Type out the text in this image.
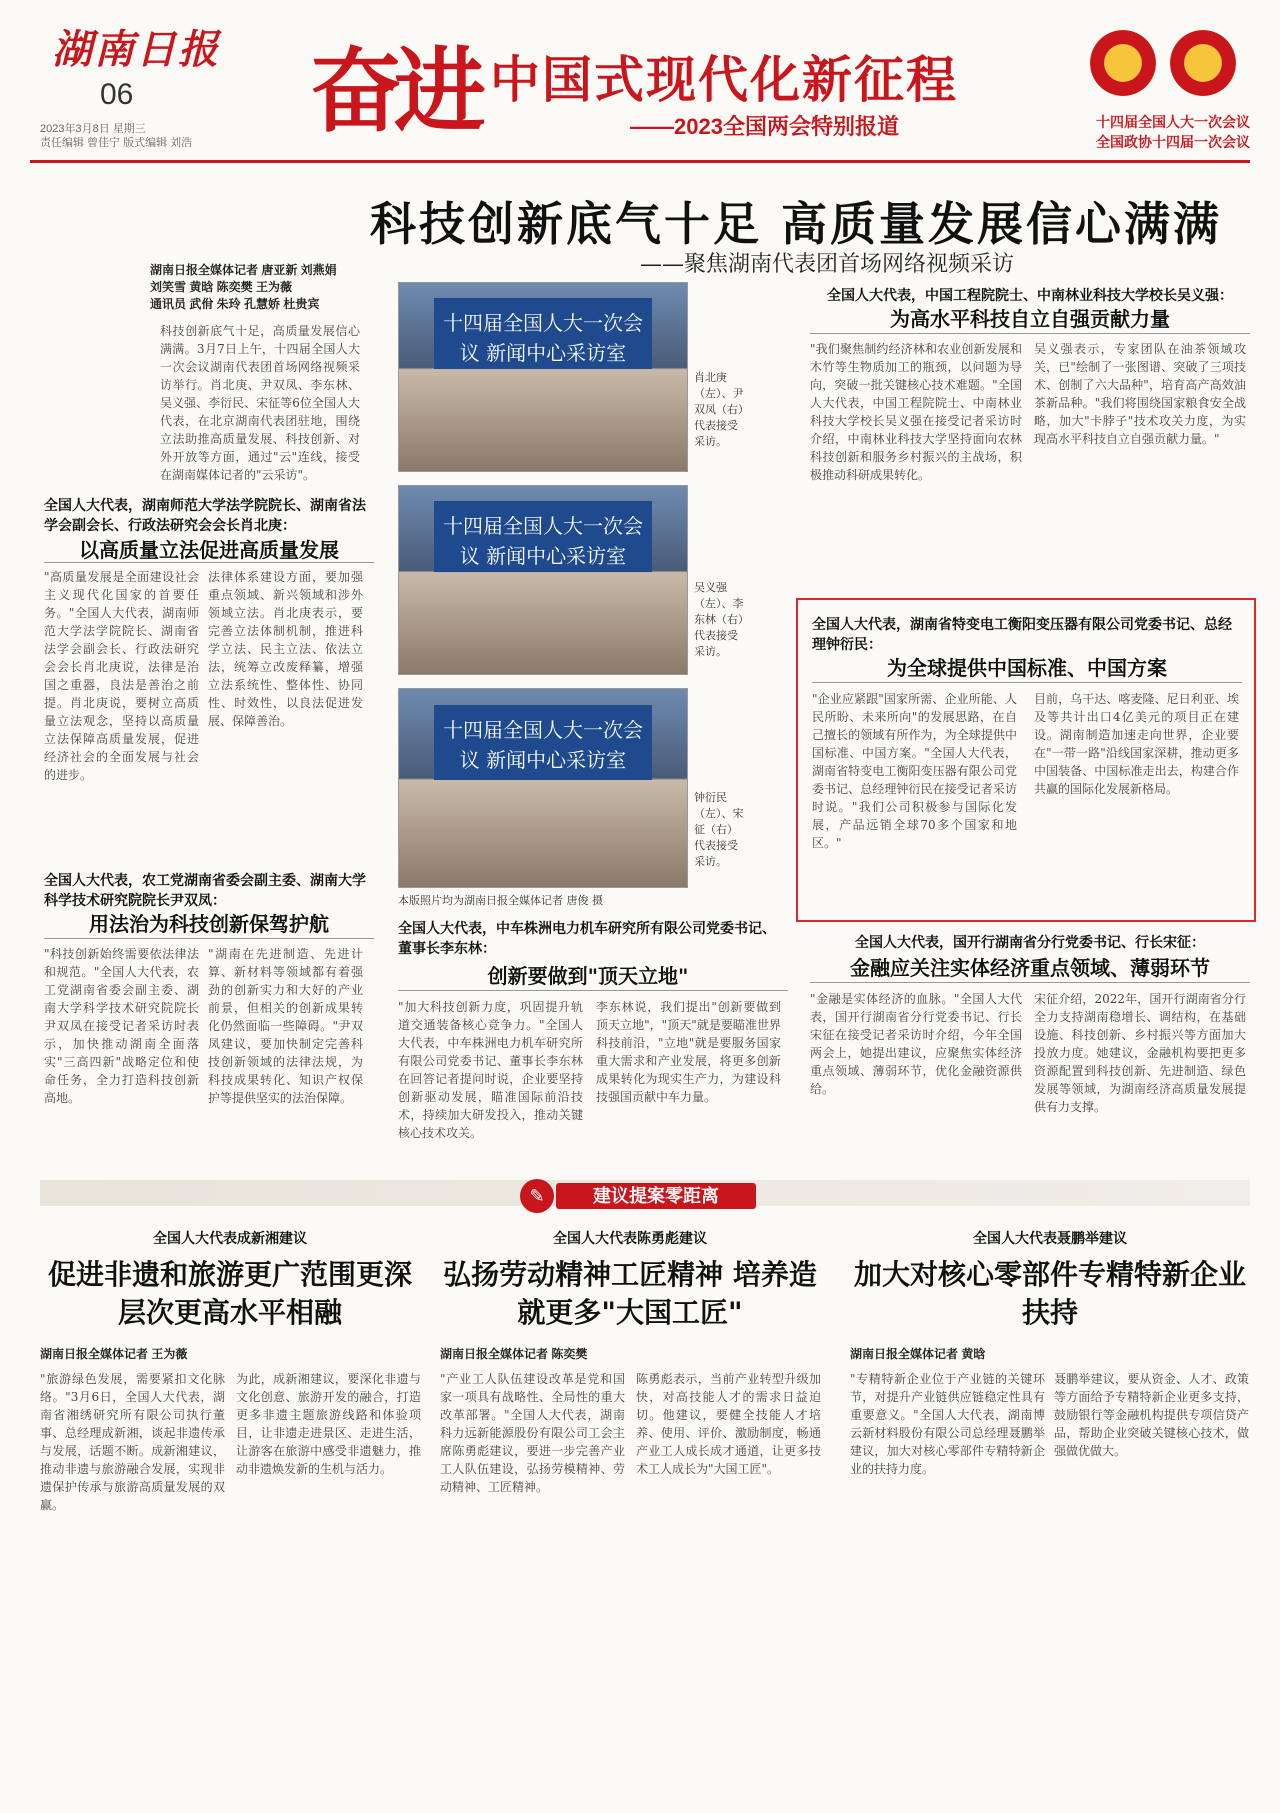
湖南日报
06
2023年3月8日 星期三
责任编辑 曾佳宁 版式编辑 刘浩 奋进 中国式现代化新征程
——2023全国两会特别报道	十四届全国人大一次会议
全国政协十四届一次会议
科技创新底气十足 高质量发展信心满满
——聚焦湖南代表团首场网络视频采访
湖南日报全媒体记者 唐亚新 刘燕娟
刘笑雪 黄晗 陈奕樊 王为薇
通讯员 武佾 朱玲 孔慧娇 杜贵宾
科技创新底气十足，高质量发展信心满满。3月7日上午，十四届全国人大一次会议湖南代表团首场网络视频采访举行。肖北庚、尹双凤、李东林、吴义强、李衍民、宋征等6位全国人大代表，在北京湖南代表团驻地，围绕立法助推高质量发展、科技创新、对外开放等方面，通过"云"连线，接受在湖南媒体记者的"云采访"。
全国人大代表，湖南师范大学法学院院长、湖南省法学会副会长、行政法研究会会长肖北庚：
以高质量立法促进高质量发展
"高质量发展是全面建设社会主义现代化国家的首要任务。"全国人大代表，湖南师范大学法学院院长、湖南省法学会副会长、行政法研究会会长肖北庚说，法律是治国之重器，良法是善治之前提。肖北庚说，要树立高质量立法观念，坚持以高质量立法保障高质量发展，促进经济社会的全面发展与社会的进步。
法律体系建设方面，要加强重点领域、新兴领域和涉外领域立法。肖北庚表示，要完善立法体制机制，推进科学立法、民主立法、依法立法，统筹立改废释纂，增强立法系统性、整体性、协同性、时效性，以良法促进发展、保障善治。
全国人大代表，农工党湖南省委会副主委、湖南大学科学技术研究院院长尹双凤：
用法治为科技创新保驾护航
"科技创新始终需要依法律法和规范。"全国人大代表，农工党湖南省委会副主委、湖南大学科学技术研究院院长尹双凤在接受记者采访时表示，加快推动湖南全面落实"三高四新"战略定位和使命任务，全力打造科技创新高地。
"湖南在先进制造、先进计算、新材料等领域都有着强劲的创新实力和大好的产业前景，但相关的创新成果转化仍然面临一些障碍。"尹双凤建议，要加快制定完善科技创新领域的法律法规，为科技成果转化、知识产权保护等提供坚实的法治保障。
十四届全国人大一次会议 新闻中心采访室
肖北庚（左）、尹双凤（右）代表接受采访。
十四届全国人大一次会议 新闻中心采访室
吴义强（左）、李东林（右）代表接受采访。
十四届全国人大一次会议 新闻中心采访室
钟衍民（左）、宋征（右）代表接受采访。
本版照片均为湖南日报全媒体记者 唐俊 摄
全国人大代表，中车株洲电力机车研究所有限公司党委书记、董事长李东林：
创新要做到"顶天立地"
"加大科技创新力度，巩固提升轨道交通装备核心竞争力。"全国人大代表，中车株洲电力机车研究所有限公司党委书记、董事长李东林在回答记者提问时说，企业要坚持创新驱动发展，瞄准国际前沿技术，持续加大研发投入，推动关键核心技术攻关。
李东林说，我们提出"创新要做到顶天立地"，"顶天"就是要瞄准世界科技前沿，"立地"就是要服务国家重大需求和产业发展，将更多创新成果转化为现实生产力，为建设科技强国贡献中车力量。
全国人大代表，中国工程院院士、中南林业科技大学校长吴义强：
为高水平科技自立自强贡献力量
"我们聚焦制约经济林和农业创新发展和木竹等生物质加工的瓶颈，以问题为导向，突破一批关键核心技术难题。"全国人大代表，中国工程院院士、中南林业科技大学校长吴义强在接受记者采访时介绍，中南林业科技大学坚持面向农林科技创新和服务乡村振兴的主战场，积极推动科研成果转化。
吴义强表示，专家团队在油茶领域攻关，已"绘制了一张图谱、突破了三项技术、创制了六大品种"，培育高产高效油茶新品种。"我们将围绕国家粮食安全战略，加大"卡脖子"技术攻关力度，为实现高水平科技自立自强贡献力量。"
全国人大代表，湖南省特变电工衡阳变压器有限公司党委书记、总经理钟衍民：
为全球提供中国标准、中国方案
"企业应紧跟"国家所需、企业所能、人民所盼、未来所向"的发展思路，在自己擅长的领域有所作为，为全球提供中国标准、中国方案。"全国人大代表，湖南省特变电工衡阳变压器有限公司党委书记、总经理钟衍民在接受记者采访时说。"我们公司积极参与国际化发展，产品远销全球70多个国家和地区。"
目前，乌干达、喀麦隆、尼日利亚、埃及等共计出口4亿美元的项目正在建设。湖南制造加速走向世界，企业要在"一带一路"沿线国家深耕，推动更多中国装备、中国标准走出去，构建合作共赢的国际化发展新格局。
全国人大代表，国开行湖南省分行党委书记、行长宋征：
金融应关注实体经济重点领域、薄弱环节
"金融是实体经济的血脉。"全国人大代表，国开行湖南省分行党委书记、行长宋征在接受记者采访时介绍，今年全国两会上，她提出建议，应聚焦实体经济重点领域、薄弱环节，优化金融资源供给。
宋征介绍，2022年，国开行湖南省分行全力支持湖南稳增长、调结构，在基础设施、科技创新、乡村振兴等方面加大投放力度。她建议，金融机构要把更多资源配置到科技创新、先进制造、绿色发展等领域，为湖南经济高质量发展提供有力支撑。
✎	建议提案零距离
全国人大代表成新湘建议
促进非遗和旅游更广范围更深层次更高水平相融
湖南日报全媒体记者 王为薇
"旅游绿色发展，需要紧扣文化脉络。"3月6日，全国人大代表，湖南省湘绣研究所有限公司执行董事、总经理成新湘，谈起非遗传承与发展，话题不断。成新湘建议，推动非遗与旅游融合发展，实现非遗保护传承与旅游高质量发展的双赢。
为此，成新湘建议，要深化非遗与文化创意、旅游开发的融合，打造更多非遗主题旅游线路和体验项目，让非遗走进景区、走进生活，让游客在旅游中感受非遗魅力，推动非遗焕发新的生机与活力。
全国人大代表陈勇彪建议
弘扬劳动精神工匠精神 培养造就更多"大国工匠"
湖南日报全媒体记者 陈奕樊
"产业工人队伍建设改革是党和国家一项具有战略性、全局性的重大改革部署。"全国人大代表，湖南科力远新能源股份有限公司工会主席陈勇彪建议，要进一步完善产业工人队伍建设，弘扬劳模精神、劳动精神、工匠精神。
陈勇彪表示，当前产业转型升级加快，对高技能人才的需求日益迫切。他建议，要健全技能人才培养、使用、评价、激励制度，畅通产业工人成长成才通道，让更多技术工人成长为"大国工匠"。
全国人大代表聂鹏举建议
加大对核心零部件专精特新企业扶持
湖南日报全媒体记者 黄晗
"专精特新企业位于产业链的关键环节，对提升产业链供应链稳定性具有重要意义。"全国人大代表，湖南博云新材料股份有限公司总经理聂鹏举建议，加大对核心零部件专精特新企业的扶持力度。
聂鹏举建议，要从资金、人才、政策等方面给予专精特新企业更多支持，鼓励银行等金融机构提供专项信贷产品，帮助企业突破关键核心技术，做强做优做大。
